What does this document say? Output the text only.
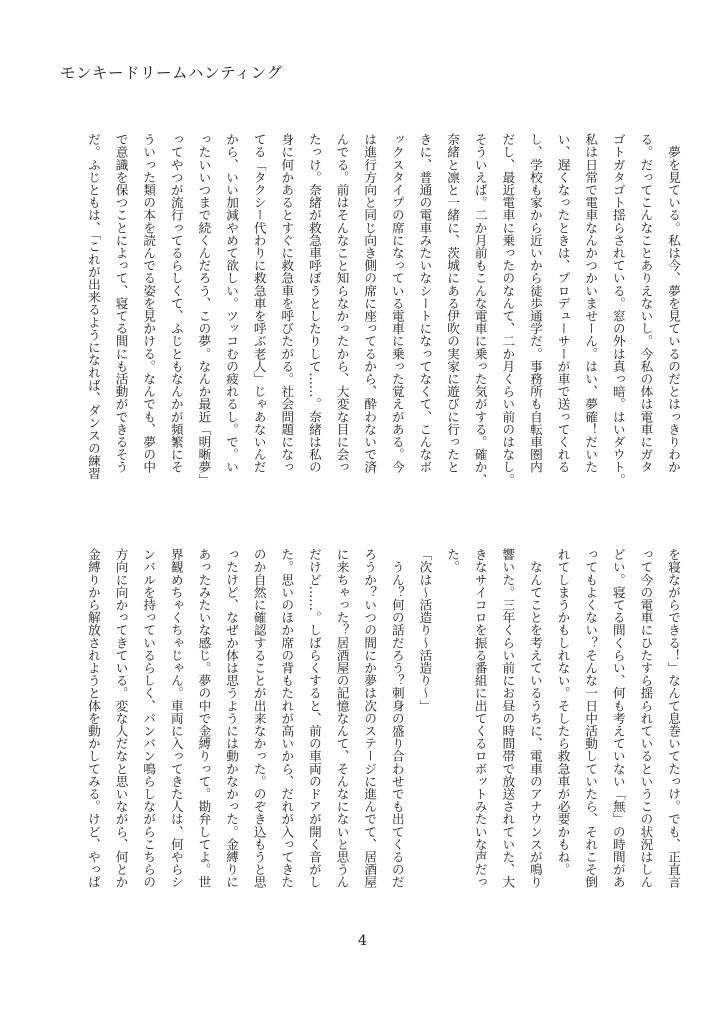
モンキードリームハンティング
　夢を見ている。私は今、夢を見ているのだとはっきりわか
る。だってこんなことありえないし。今私の体は電車にガタ
ゴトガタゴト揺らされている。窓の外は真っ暗。はいダウト。
私は日常で電車なんかつかいませーん。はい、夢確！だいた
い、遅くなったときは、プロデューサーが車で送ってくれる
し、学校も家から近いから徒歩通学だ。事務所も自転車圏内
だし、最近電車に乗ったのなんて、二か月くらい前のはなし。
そういえば。二か月前もこんな電車に乗った気がする。確か、
奈緒と凛と一緒に、茨城にある伊吹の実家に遊びに行ったと
きに、普通の電車みたいなシートになってなくて、こんなボ
ックスタイプの席になっている電車に乗った覚えがある。今
は進行方向と同じ向き側の席に座ってるから、酔わないで済
んでる。前はそんなこと知らなかったから、大変な目に会っ
たっけ。奈緒が救急車呼ぼうとしたりして……。奈緒は私の
身に何かあるとすぐに救急車を呼びたがる。社会問題になっ
てる「タクシー代わりに救急車を呼ぶ老人」じゃあないんだ
から、いい加減やめて欲しい。ツッコむの疲れるし。で。い
ったいいつまで続くんだろう、この夢。なんか最近「明晰夢」
ってやつが流行ってるらしくて、ふじともなんかが頻繁にそ
ういった類の本を読んでる姿を見かける。なんでも、夢の中
で意識を保つことによって、寝てる間にも活動ができるそう
だ。ふじともは、「これが出来るようになれば、ダンスの練習
を寝ながらできる！」なんて息巻いてたっけ。でも、正直言
って今の電車にひたすら揺られているというこの状況はしん
どい。寝てる間くらい、何も考えていない「無」の時間があ
ってもよくない？そんな一日中活動していたら、それこそ倒
れてしまうかもしれない。そしたら救急車が必要かもね。
　なんてことを考えているうちに、電車のアナウンスが鳴り
響いた。三年くらい前にお昼の時間帯で放送されていた、大
きなサイコロを振る番組に出てくるロボットみたいな声だっ
た。
「次は～活造り～活造り～」
　うん？何の話だろう？刺身の盛り合わせでも出てくるのだ
ろうか？いつの間にか夢は次のステージに進んでて、居酒屋
に来ちゃった？居酒屋の記憶なんて、そんなにないと思うん
だけど……。しばらくすると、前の車両のドアが開く音がし
た。思いのほか席の背もたれが高いから、だれが入ってきた
のか自然に確認することが出来なかった。のぞき込もうと思
ったけど、なぜか体は思うようには動かなかった。金縛りに
あったみたいな感じ。夢の中で金縛りって。勘弁してよ。世
界観めちゃくちゃじゃん。車両に入ってきた人は、何やらシ
ンバルを持っているらしく、バンバン鳴らしながらこちらの
方向に向かってきている。変な人だなと思いながら、何とか
金縛りから解放されようと体を動かしてみる。けど、やっぱ
4
